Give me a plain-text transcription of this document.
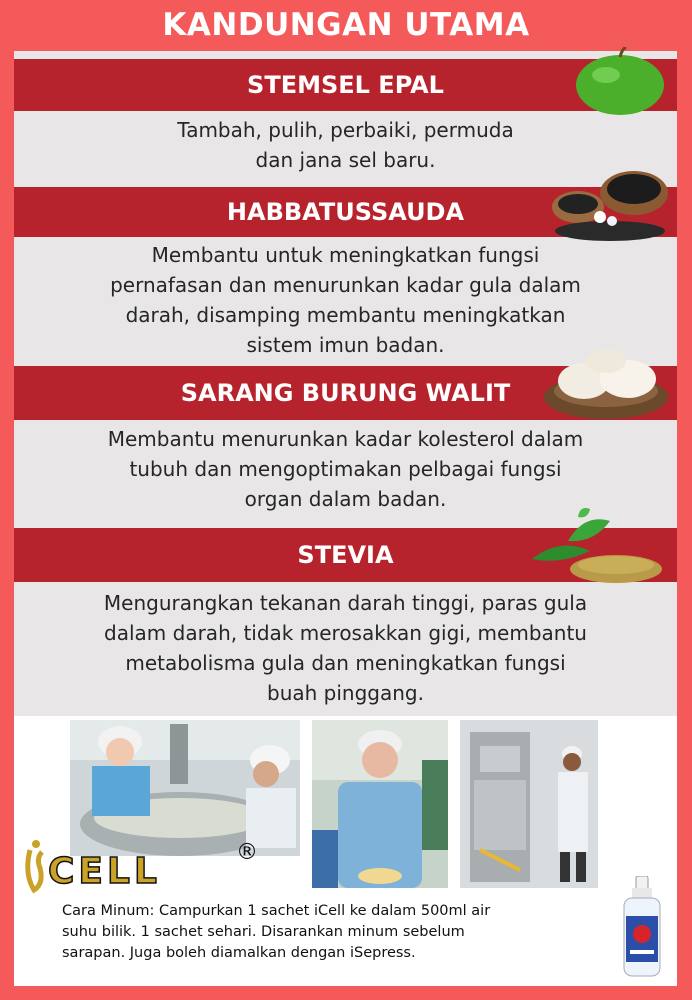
KANDUNGAN UTAMA
STEMSEL EPAL
Tambah, pulih, perbaiki, permuda
dan jana sel baru.
HABBATUSSAUDA
Membantu untuk meningkatkan fungsi
pernafasan dan menurunkan kadar gula dalam
darah, disamping membantu meningkatkan
sistem imun badan.
SARANG BURUNG WALIT
Membantu menurunkan kadar kolesterol dalam
tubuh dan mengoptimakan pelbagai fungsi
organ dalam badan.
STEVIA
Mengurangkan tekanan darah tinggi, paras gula
dalam darah, tidak merosakkan gigi, membantu
metabolisma gula dan meningkatkan fungsi
buah pinggang.
CELL	®
Cara Minum: Campurkan 1 sachet iCell ke dalam 500ml air
suhu bilik. 1 sachet sehari. Disarankan minum sebelum
sarapan. Juga boleh diamalkan dengan iSepress.
